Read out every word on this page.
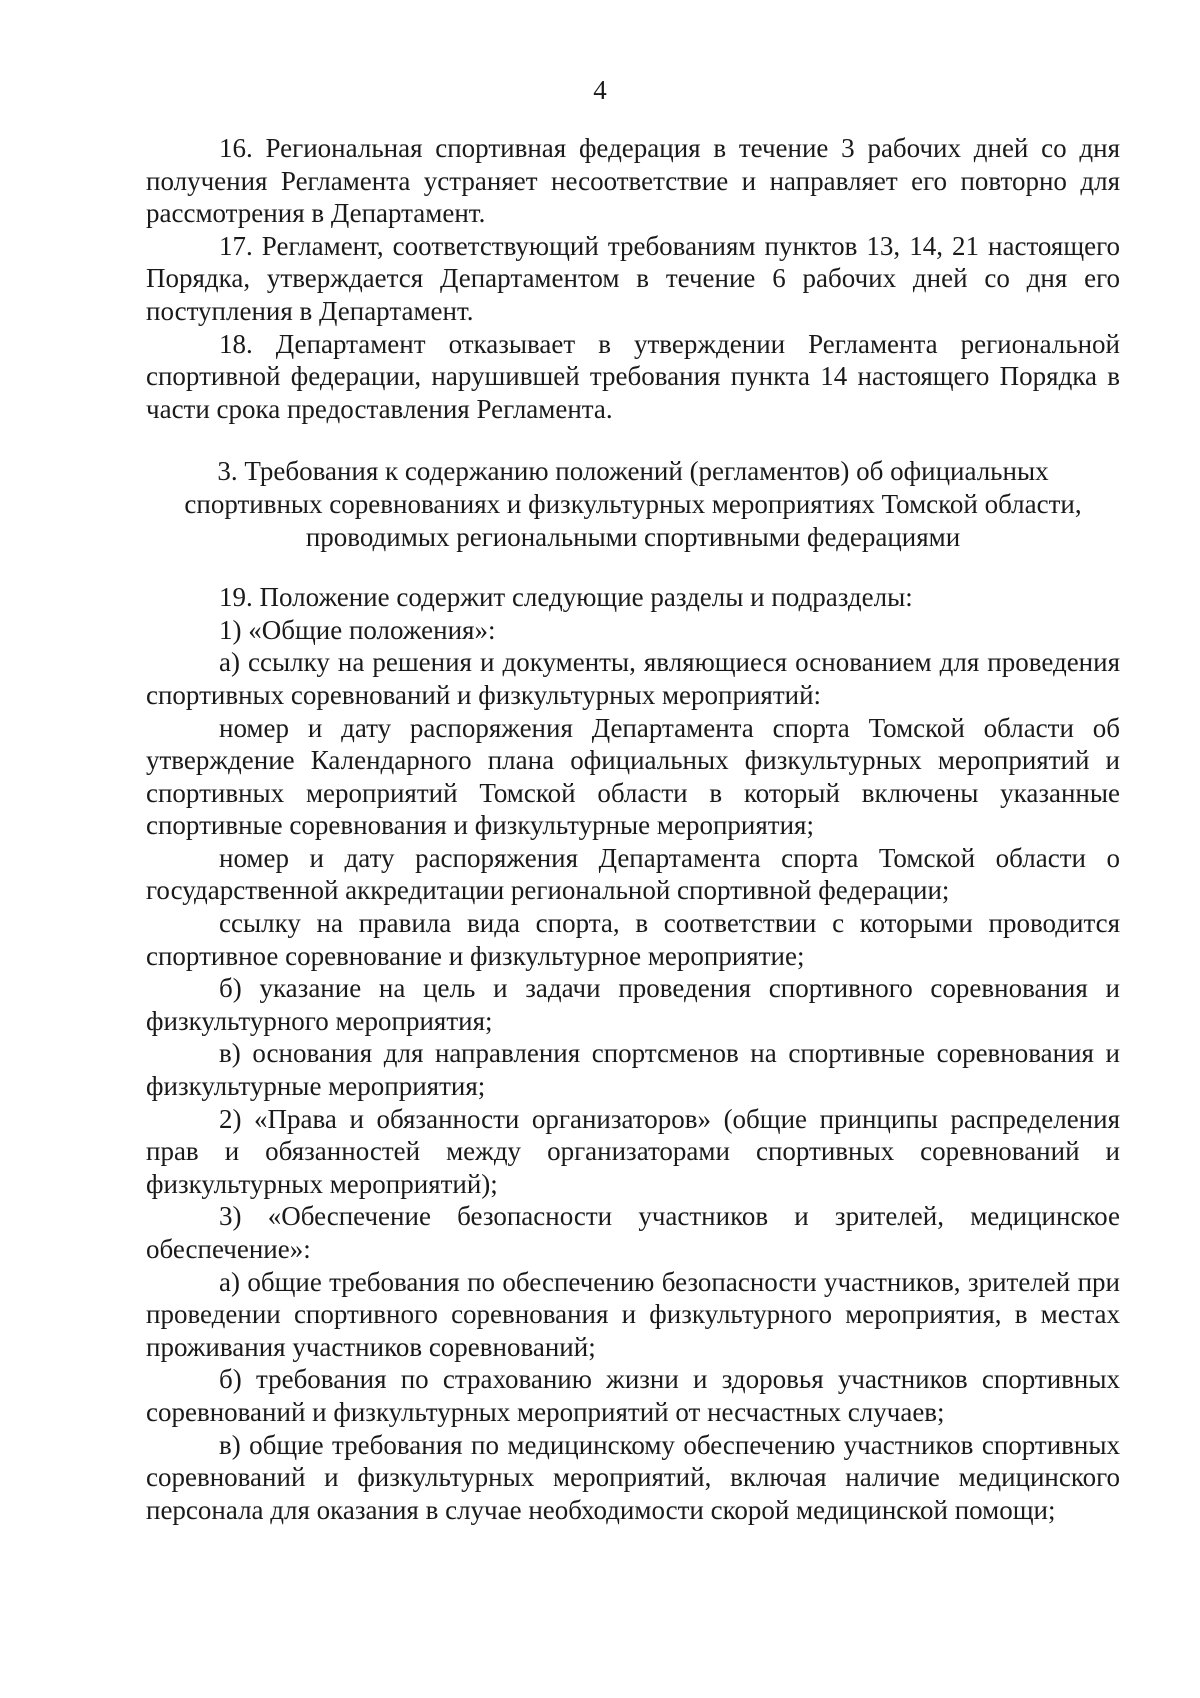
4

16. Региональная спортивная федерация в течение 3 рабочих дней со дня получения Регламента устраняет несоответствие и направляет его повторно для рассмотрения в Департамент.

17. Регламент, соответствующий требованиям пунктов 13, 14, 21 настоящего Порядка, утверждается Департаментом в течение 6 рабочих дней со дня его поступления в Департамент.

18. Департамент отказывает в утверждении Регламента региональной спортивной федерации, нарушившей требования пункта 14 настоящего Порядка в части срока предоставления Регламента.

3. Требования к содержанию положений (регламентов) об официальных спортивных соревнованиях и физкультурных мероприятиях Томской области, проводимых региональными спортивными федерациями

19. Положение содержит следующие разделы и подразделы:

1) «Общие положения»:

а) ссылку на решения и документы, являющиеся основанием для проведения спортивных соревнований и физкультурных мероприятий:

номер и дату распоряжения Департамента спорта Томской области об утверждение Календарного плана официальных физкультурных мероприятий и спортивных мероприятий Томской области в который включены указанные спортивные соревнования и физкультурные мероприятия;

номер и дату распоряжения Департамента спорта Томской области о государственной аккредитации региональной спортивной федерации;

ссылку на правила вида спорта, в соответствии с которыми проводится спортивное соревнование и физкультурное мероприятие;

б) указание на цель и задачи проведения спортивного соревнования и физкультурного мероприятия;

в) основания для направления спортсменов на спортивные соревнования и физкультурные мероприятия;

2) «Права и обязанности организаторов» (общие принципы распределения прав и обязанностей между организаторами спортивных соревнований и физкультурных мероприятий);

3) «Обеспечение безопасности участников и зрителей, медицинское обеспечение»:

а) общие требования по обеспечению безопасности участников, зрителей при проведении спортивного соревнования и физкультурного мероприятия, в местах проживания участников соревнований;

б) требования по страхованию жизни и здоровья участников спортивных соревнований и физкультурных мероприятий от несчастных случаев;

в) общие требования по медицинскому обеспечению участников спортивных соревнований и физкультурных мероприятий, включая наличие медицинского персонала для оказания в случае необходимости скорой медицинской помощи;
